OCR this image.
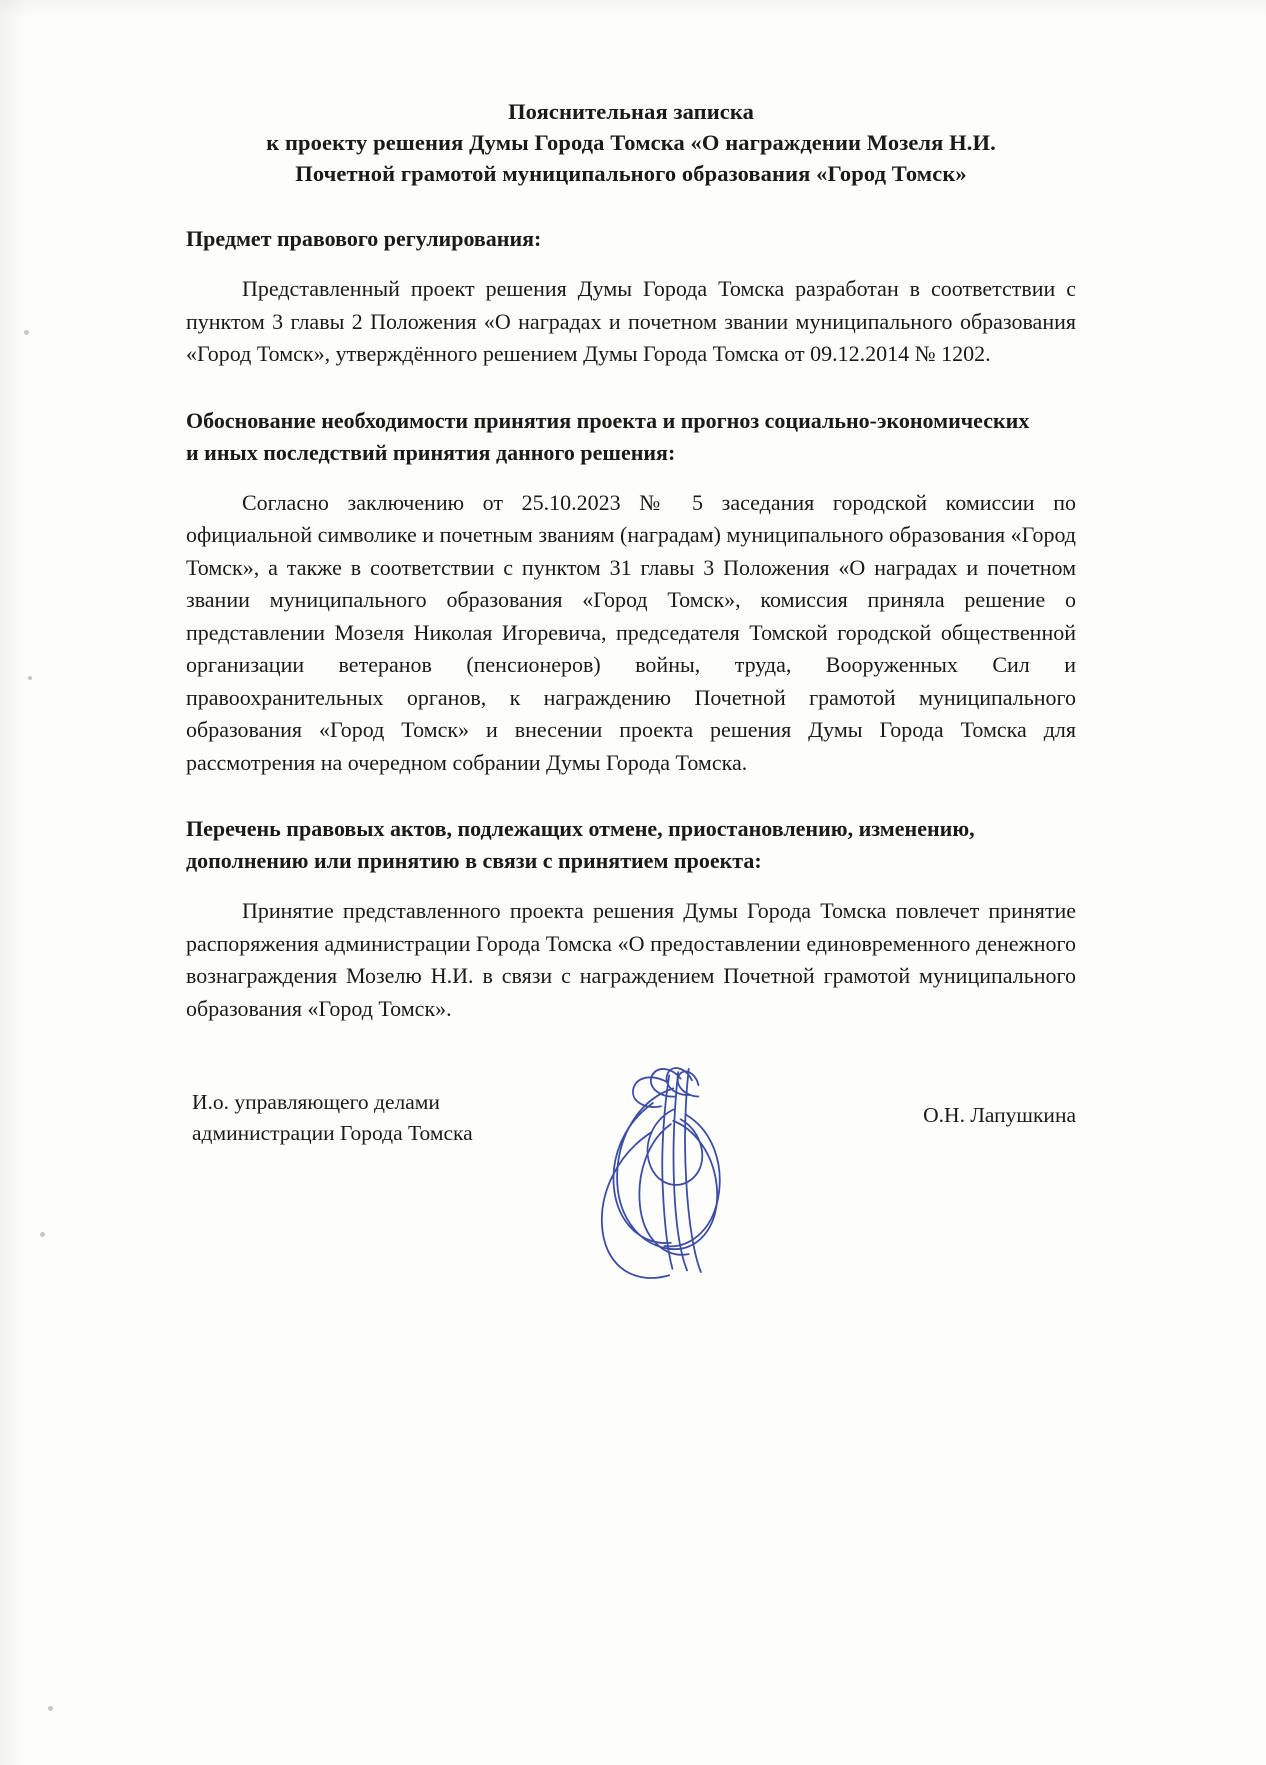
Пояснительная записка
к проекту решения Думы Города Томска «О награждении Мозеля Н.И.
Почетной грамотой муниципального образования «Город Томск»
Предмет правового регулирования:

Представленный проект решения Думы Города Томска разработан в соответствии с пунктом 3 главы 2 Положения «О наградах и почетном звании муниципального образования «Город Томск», утверждённого решением Думы Города Томска от 09.12.2014 № 1202.

Обоснование необходимости принятия проекта и прогноз социально-экономических
и иных последствий принятия данного решения:

Согласно заключению от 25.10.2023 № 5 заседания городской комиссии по официальной символике и почетным званиям (наградам) муниципального образования «Город Томск», а также в соответствии с пунктом 31 главы 3 Положения «О наградах и почетном звании муниципального образования «Город Томск», комиссия приняла решение о представлении Мозеля Николая Игоревича, председателя Томской городской общественной организации ветеранов (пенсионеров) войны, труда, Вооруженных Сил и правоохранительных органов, к награждению Почетной грамотой муниципального образования «Город Томск» и внесении проекта решения Думы Города Томска для рассмотрения на очередном собрании Думы Города Томска.

Перечень правовых актов, подлежащих отмене, приостановлению, изменению,
дополнению или принятию в связи с принятием проекта:

Принятие представленного проекта решения Думы Города Томска повлечет принятие распоряжения администрации Города Томска «О предоставлении единовременного денежного вознаграждения Мозелю Н.И. в связи с награждением Почетной грамотой муниципального образования «Город Томск».

И.о. управляющего делами
администрации Города Томска
О.Н. Лапушкина
